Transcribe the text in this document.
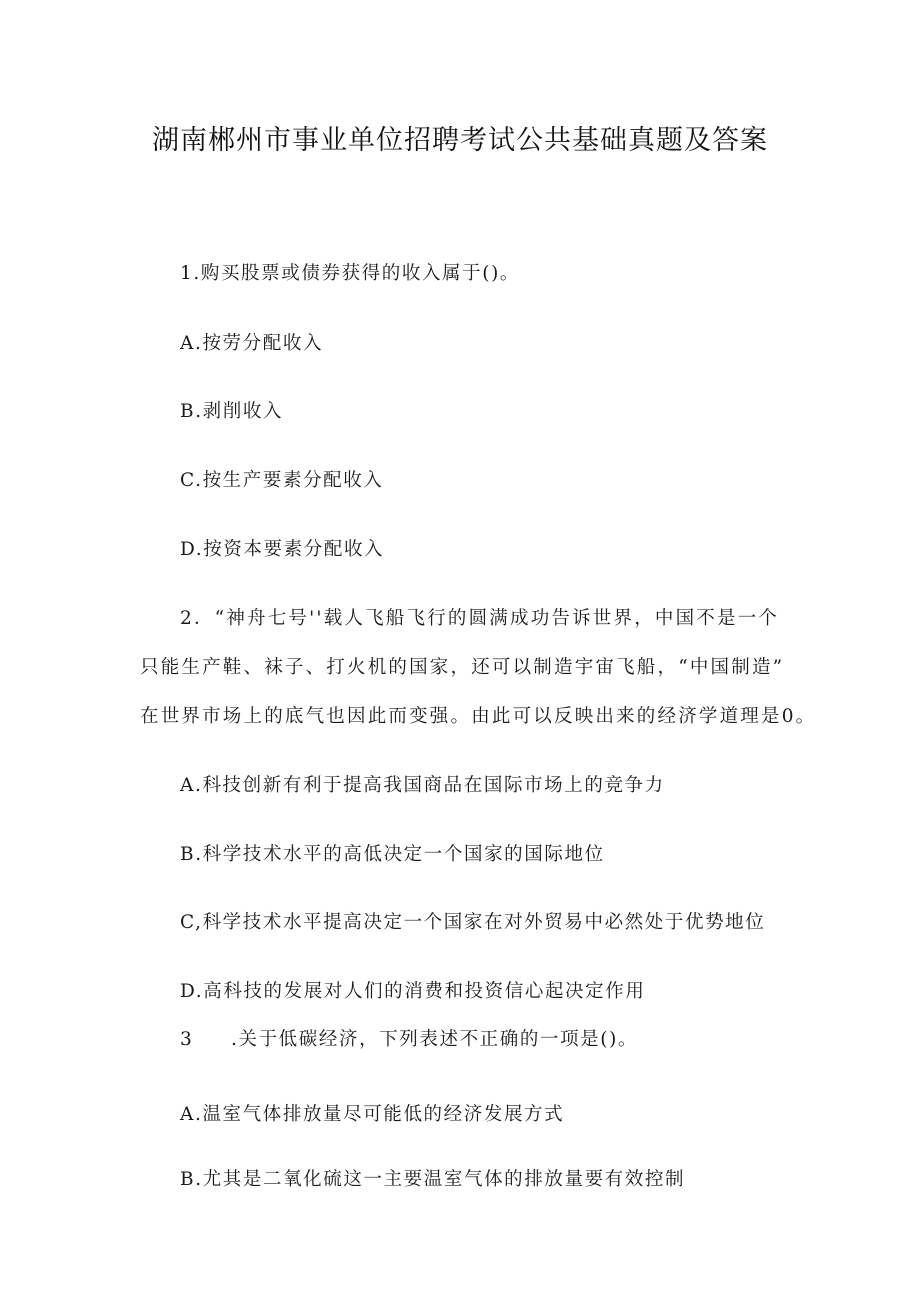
湖南郴州市事业单位招聘考试公共基础真题及答案
1.购买股票或债券获得的收入属于()。
A.按劳分配收入
B.剥削收入
C.按生产要素分配收入
D.按资本要素分配收入
2．“神舟七号''载人飞船飞行的圆满成功告诉世界，中国不是一个
只能生产鞋、袜子、打火机的国家，还可以制造宇宙飞船，“中国制造”
在世界市场上的底气也因此而变强。由此可以反映出来的经济学道理是0。
A.科技创新有利于提高我国商品在国际市场上的竞争力
B.科学技术水平的高低决定一个国家的国际地位
C,科学技术水平提高决定一个国家在对外贸易中必然处于优势地位
D.高科技的发展对人们的消费和投资信心起决定作用
3 .关于低碳经济，下列表述不正确的一项是()。
A.温室气体排放量尽可能低的经济发展方式
B.尤其是二氧化硫这一主要温室气体的排放量要有效控制
